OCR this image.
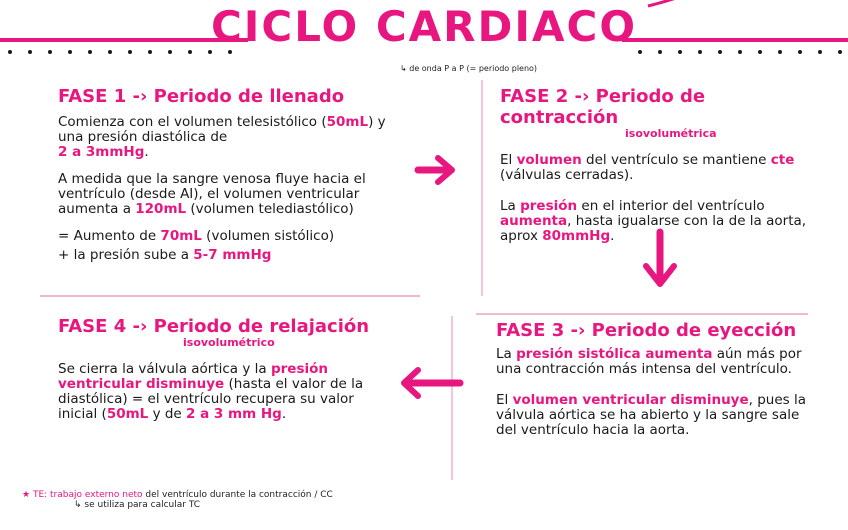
CICLO CARDIACO
↳ de onda P a P (= periodo pleno)
FASE 1 -› Periodo de llenado

Comienza con el volumen telesistólico (50mL) y una presión diastólica de
2 a 3mmHg.

A medida que la sangre venosa fluye hacia el ventrículo (desde AI), el volumen ventricular aumenta a 120mL (volumen telediastólico)

= Aumento de 70mL (volumen sistólico)

+ la presión sube a 5-7 mmHg

FASE 2 -› Periodo de contracción
isovolumétrica

El volumen del ventrículo se mantiene cte (válvulas cerradas).

La presión en el interior del ventrículo aumenta, hasta igualarse con la de la aorta, aprox 80mmHg.

FASE 4 -› Periodo de relajación
isovolumétrico

Se cierra la válvula aórtica y la presión ventricular disminuye (hasta el valor de la diastólica) = el ventrículo recupera su valor inicial (50mL y de 2 a 3 mm Hg.

FASE 3 -› Periodo de eyección

La presión sistólica aumenta aún más por una contracción más intensa del ventrículo.

El volumen ventricular disminuye, pues la válvula aórtica se ha abierto y la sangre sale del ventrículo hacia la aorta.

★ TE: trabajo externo neto del ventrículo durante la contracción / CC
↳ se utiliza para calcular TC
